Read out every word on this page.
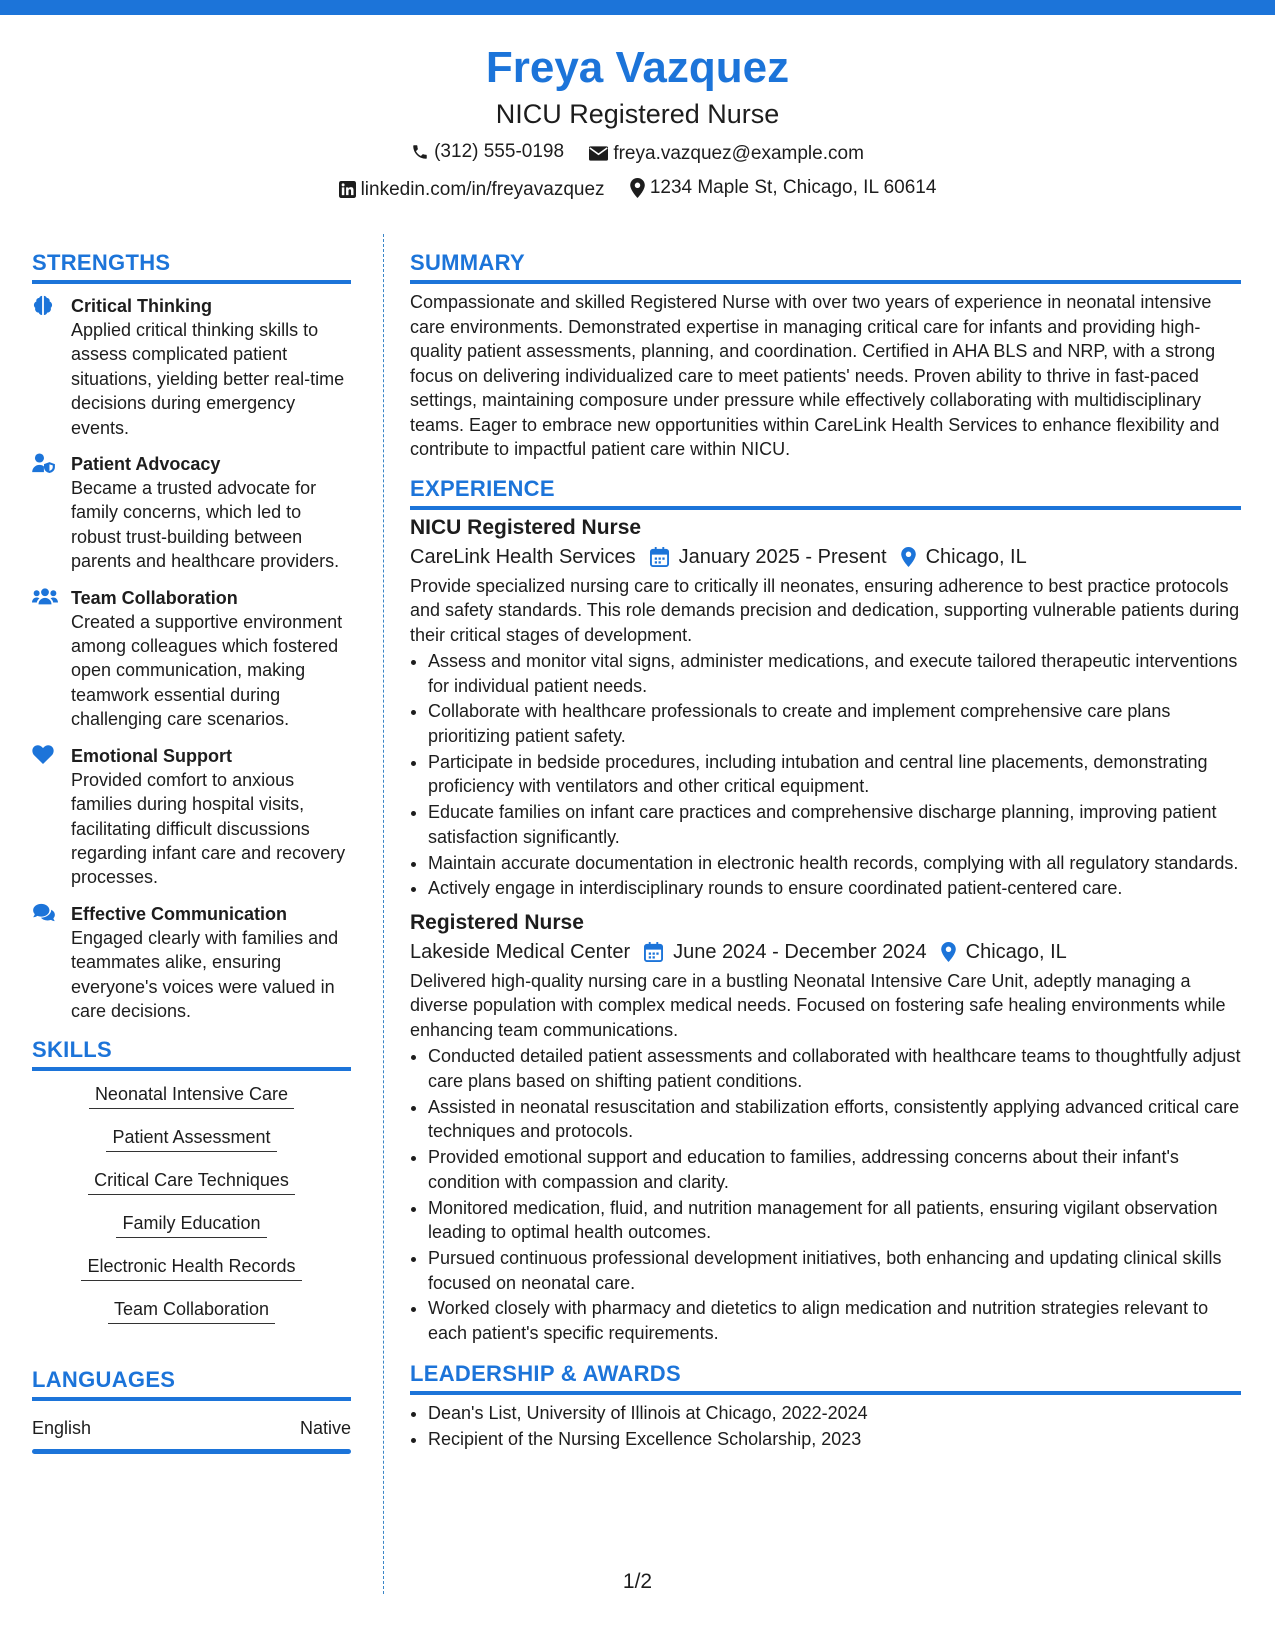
Freya Vazquez
NICU Registered Nurse
(312) 555-0198
	freya.vazquez@example.com
linkedin.com/in/freyavazquez
1234 Maple St, Chicago, IL 60614
STRENGTHS
Critical Thinking
Applied critical thinking skills to assess complicated patient situations, yielding better real-time decisions during emergency events.
Patient Advocacy
Became a trusted advocate for family concerns, which led to robust trust-building between parents and healthcare providers.
Team Collaboration
Created a supportive environment among colleagues which fostered open communication, making teamwork essential during challenging care scenarios.
Emotional Support
Provided comfort to anxious families during hospital visits, facilitating difficult discussions regarding infant care and recovery processes.
Effective Communication
Engaged clearly with families and teammates alike, ensuring everyone's voices were valued in care decisions.
SKILLS
Neonatal Intensive Care
Patient Assessment
Critical Care Techniques
Family Education
Electronic Health Records
Team Collaboration
LANGUAGES
English	Native
SUMMARY
Compassionate and skilled Registered Nurse with over two years of experience in neonatal intensive care environments. Demonstrated expertise in managing critical care for infants and providing high-quality patient assessments, planning, and coordination. Certified in AHA BLS and NRP, with a strong focus on delivering individualized care to meet patients' needs. Proven ability to thrive in fast-paced settings, maintaining composure under pressure while effectively collaborating with multidisciplinary teams. Eager to embrace new opportunities within CareLink Health Services to enhance flexibility and contribute to impactful patient care within NICU.
EXPERIENCE
NICU Registered Nurse
CareLink Health Services January 2025 - Present Chicago, IL
Provide specialized nursing care to critically ill neonates, ensuring adherence to best practice protocols and safety standards. This role demands precision and dedication, supporting vulnerable patients during their critical stages of development.
• Assess and monitor vital signs, administer medications, and execute tailored therapeutic interventions for individual patient needs.
• Collaborate with healthcare professionals to create and implement comprehensive care plans prioritizing patient safety.
• Participate in bedside procedures, including intubation and central line placements, demonstrating proficiency with ventilators and other critical equipment.
• Educate families on infant care practices and comprehensive discharge planning, improving patient satisfaction significantly.
• Maintain accurate documentation in electronic health records, complying with all regulatory standards.
• Actively engage in interdisciplinary rounds to ensure coordinated patient-centered care.
Registered Nurse
Lakeside Medical Center June 2024 - December 2024 Chicago, IL
Delivered high-quality nursing care in a bustling Neonatal Intensive Care Unit, adeptly managing a diverse population with complex medical needs. Focused on fostering safe healing environments while enhancing team communications.
• Conducted detailed patient assessments and collaborated with healthcare teams to thoughtfully adjust care plans based on shifting patient conditions.
• Assisted in neonatal resuscitation and stabilization efforts, consistently applying advanced critical care techniques and protocols.
• Provided emotional support and education to families, addressing concerns about their infant's condition with compassion and clarity.
• Monitored medication, fluid, and nutrition management for all patients, ensuring vigilant observation leading to optimal health outcomes.
• Pursued continuous professional development initiatives, both enhancing and updating clinical skills focused on neonatal care.
• Worked closely with pharmacy and dietetics to align medication and nutrition strategies relevant to each patient's specific requirements.
LEADERSHIP & AWARDS
• Dean's List, University of Illinois at Chicago, 2022-2024
• Recipient of the Nursing Excellence Scholarship, 2023
1/2
